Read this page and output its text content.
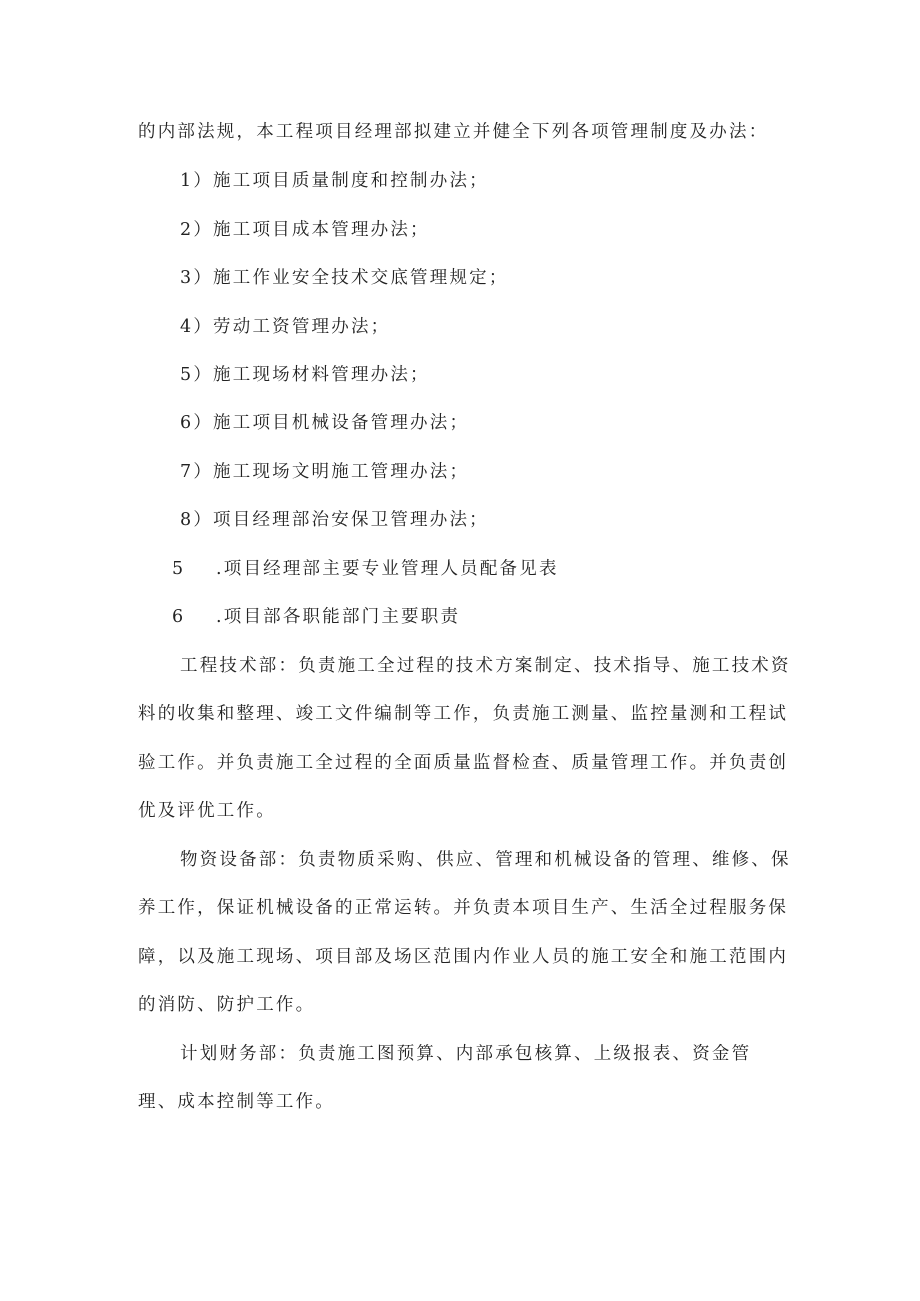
的内部法规，本工程项目经理部拟建立并健全下列各项管理制度及办法：
1）施工项目质量制度和控制办法；
2）施工项目成本管理办法；
3）施工作业安全技术交底管理规定；
4）劳动工资管理办法；
5）施工现场材料管理办法；
6）施工项目机械设备管理办法；
7）施工现场文明施工管理办法；
8）项目经理部治安保卫管理办法；
5 .项目经理部主要专业管理人员配备见表
6 .项目部各职能部门主要职责
工程技术部：负责施工全过程的技术方案制定、技术指导、施工技术资
料的收集和整理、竣工文件编制等工作，负责施工测量、监控量测和工程试
验工作。并负责施工全过程的全面质量监督检查、质量管理工作。并负责创
优及评优工作。
物资设备部：负责物质采购、供应、管理和机械设备的管理、维修、保
养工作，保证机械设备的正常运转。并负责本项目生产、生活全过程服务保
障，以及施工现场、项目部及场区范围内作业人员的施工安全和施工范围内
的消防、防护工作。
计划财务部：负责施工图预算、内部承包核算、上级报表、资金管
理、成本控制等工作。
